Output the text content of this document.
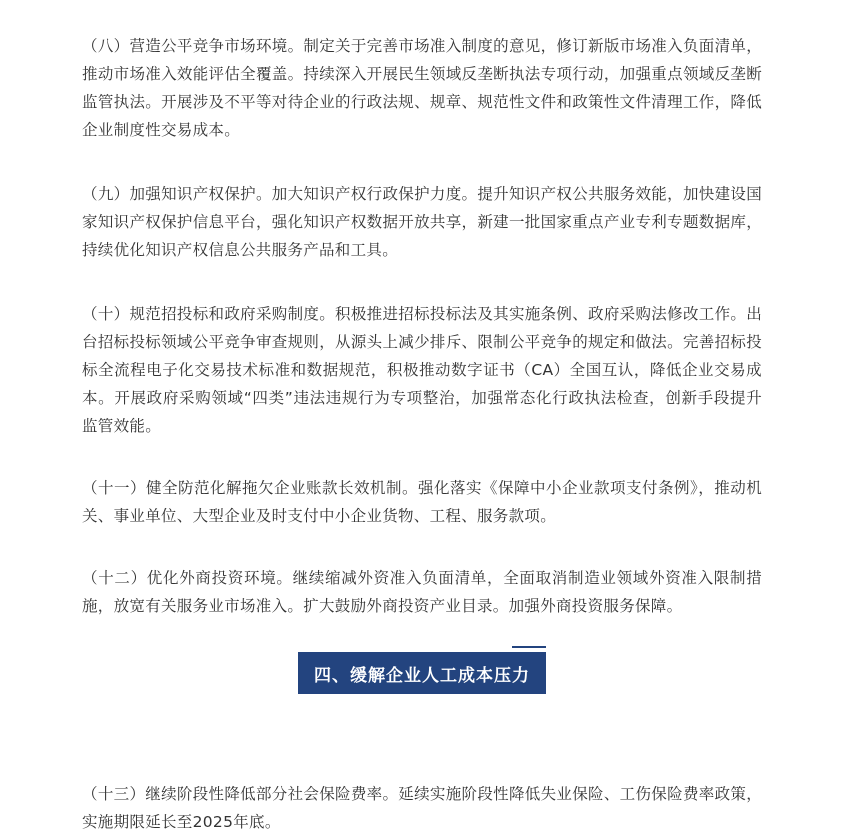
（八）营造公平竞争市场环境。制定关于完善市场准入制度的意见，修订新版市场准入负面清单，推动市场准入效能评估全覆盖。持续深入开展民生领域反垄断执法专项行动，加强重点领域反垄断监管执法。开展涉及不平等对待企业的行政法规、规章、规范性文件和政策性文件清理工作，降低企业制度性交易成本。

（九）加强知识产权保护。加大知识产权行政保护力度。提升知识产权公共服务效能，加快建设国家知识产权保护信息平台，强化知识产权数据开放共享，新建一批国家重点产业专利专题数据库，持续优化知识产权信息公共服务产品和工具。

（十）规范招投标和政府采购制度。积极推进招标投标法及其实施条例、政府采购法修改工作。出台招标投标领域公平竞争审查规则，从源头上减少排斥、限制公平竞争的规定和做法。完善招标投标全流程电子化交易技术标准和数据规范，积极推动数字证书（CA）全国互认，降低企业交易成本。开展政府采购领域“四类”违法违规行为专项整治，加强常态化行政执法检查，创新手段提升监管效能。

（十一）健全防范化解拖欠企业账款长效机制。强化落实《保障中小企业款项支付条例》，推动机关、事业单位、大型企业及时支付中小企业货物、工程、服务款项。

（十二）优化外商投资环境。继续缩减外资准入负面清单，全面取消制造业领域外资准入限制措施，放宽有关服务业市场准入。扩大鼓励外商投资产业目录。加强外商投资服务保障。

四、缓解企业人工成本压力

（十三）继续阶段性降低部分社会保险费率。延续实施阶段性降低失业保险、工伤保险费率政策，实施期限延长至2025年底。
